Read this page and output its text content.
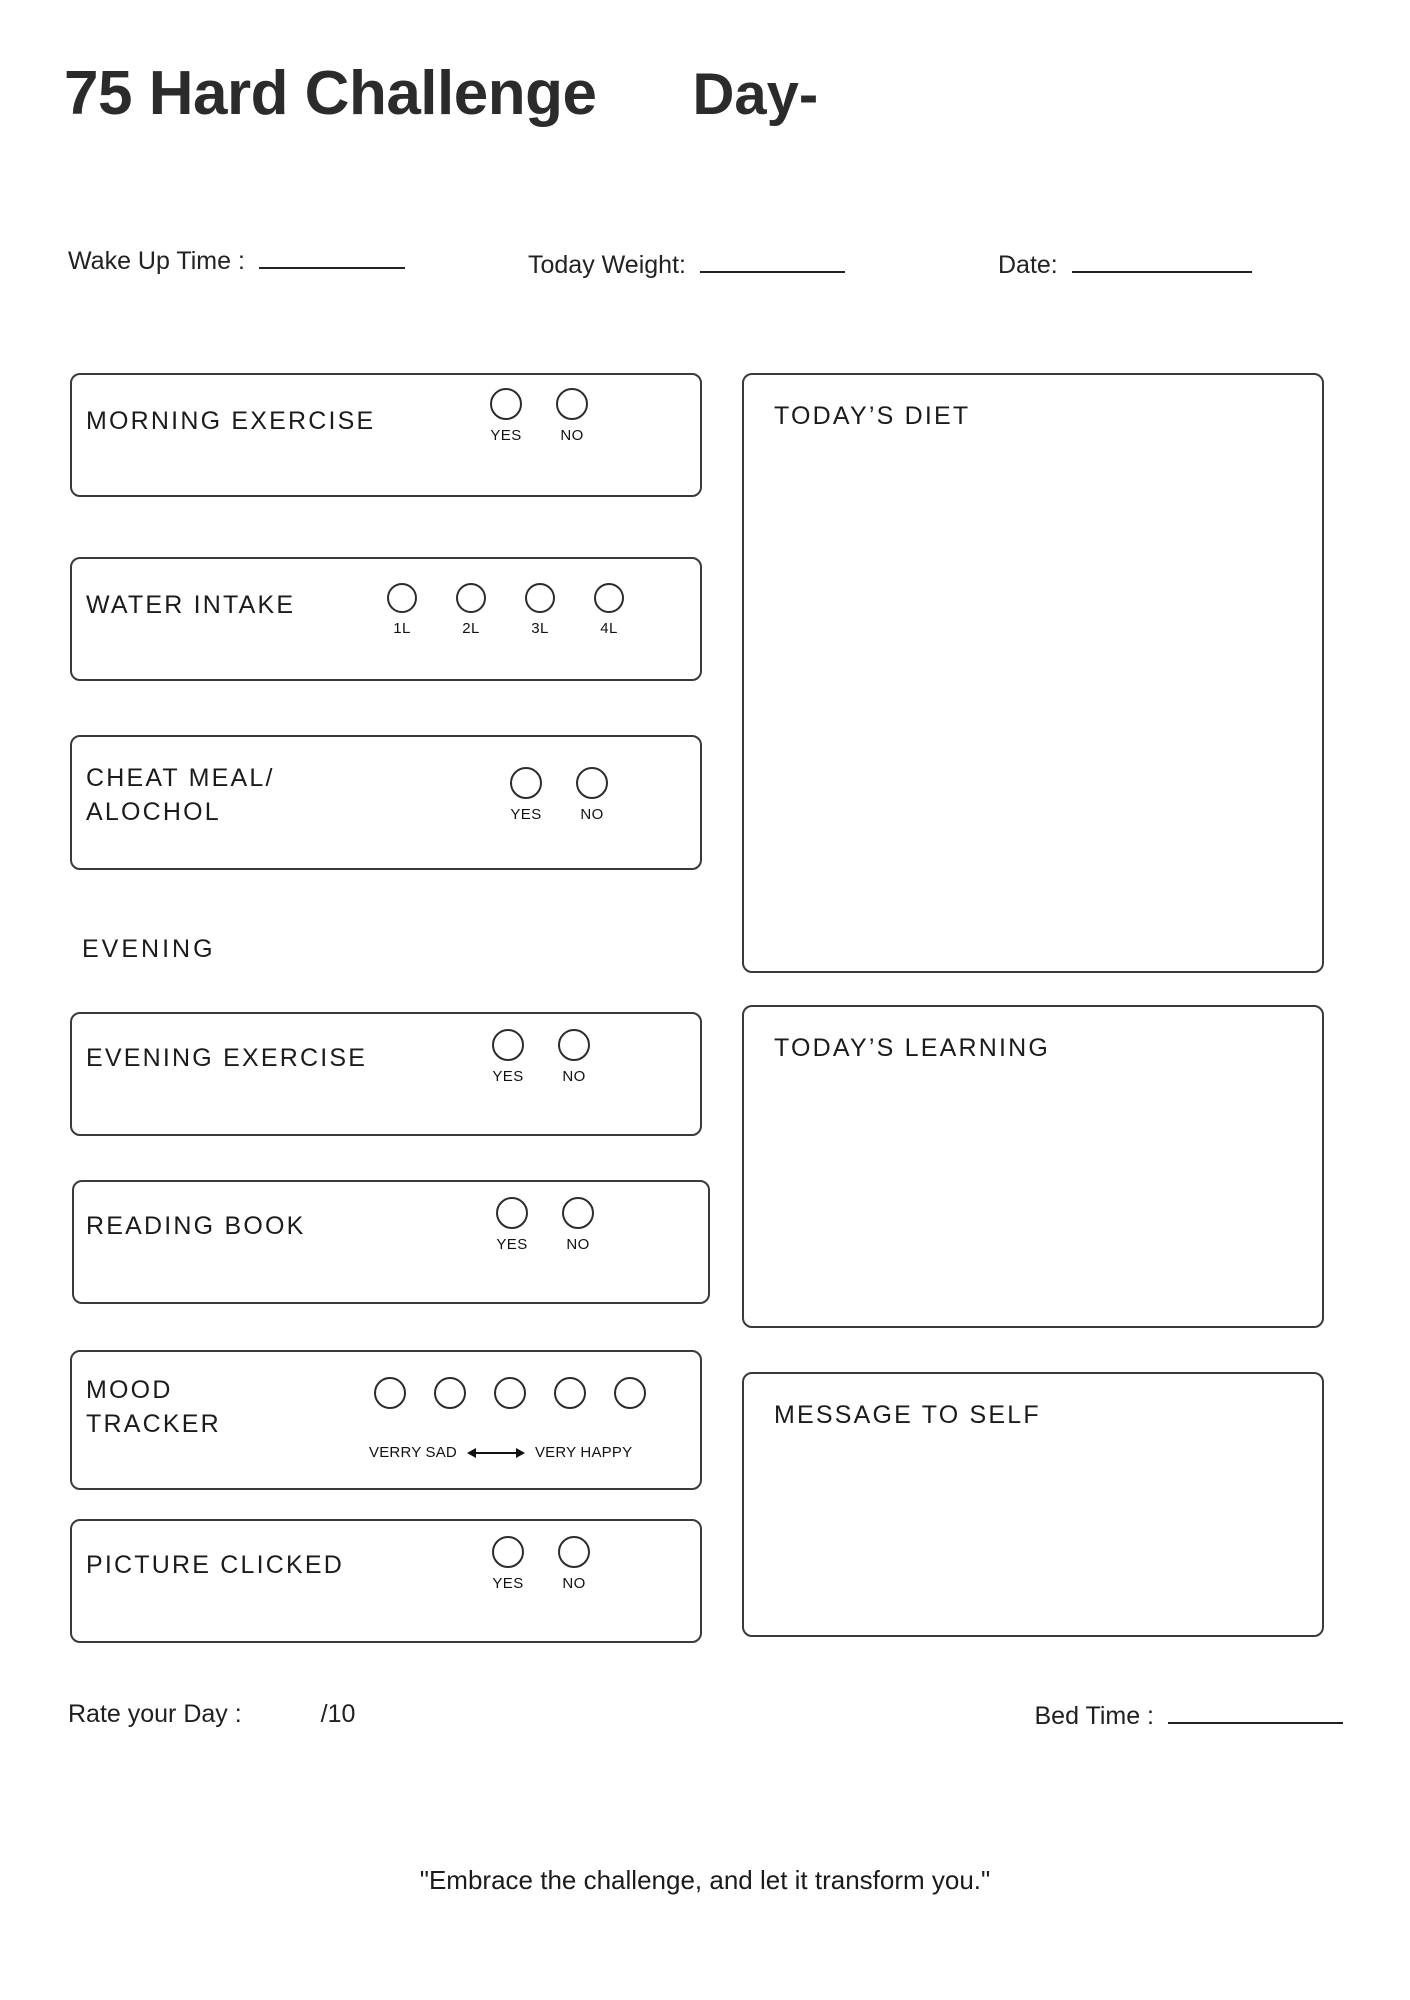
75 Hard Challenge Day-
Wake Up Time :	Today Weight:	Date:
MORNING EXERCISE
YES	NO
WATER INTAKE
1L	2L	3L	4L
CHEAT MEAL/
ALOCHOL	YES	NO
EVENING
EVENING EXERCISE
YES	NO
READING BOOK
YES	NO
MOOD
TRACKER
VERRY SAD	VERY HAPPY
PICTURE CLICKED
YES	NO
TODAY’S DIET
TODAY’S LEARNING
MESSAGE TO SELF
Rate your Day :	/10	Bed Time :
"Embrace the challenge, and let it transform you."
